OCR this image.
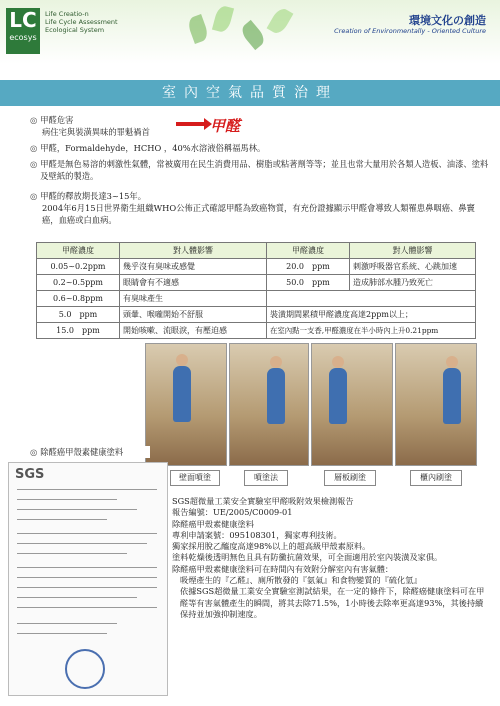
LC
ecosys
Life Creatio-n
Life Cycle Assessment
Ecological System
環境文化の創造
Creation of Environmentally - Oriented Culture
室內空氣品質治理
◎ 甲醛危害
病住宅與裝潢異味的罪魁禍首	甲醛
◎ 甲醛，Formaldehyde，HCHO ，40%水溶液俗稱福馬林。
◎ 甲醛是無色易溶的刺激性氣體，常被廣用在民生消費用品、樹脂或粘著劑等等；並且也常大量用於各類人造板、油漆、塗料及壁紙的製造。
◎ 甲醛的釋放期長達3~15年。
2004年6月15日世界衛生組織WHO公佈正式確認甲醛為致癌物質，有充份證據顯示甲醛會導致人類罹患鼻咽癌、鼻竇癌，血癌或白血病。
甲醛濃度	對人體影響	甲醛濃度	對人體影響
0.05~0.2ppm	幾乎沒有臭味或感覺	20.0　ppm	刺激呼吸器官系統、心跳加速
0.2~0.5ppm	眼睛會有不適感	50.0　ppm	造成肺部水腫乃致死亡
0.6~0.8ppm	有臭味產生		
5.0　ppm	頭暈、喉嚨開始不舒服	裝潢期間累積甲醛濃度高達2ppm以上；	
15.0　ppm	開始咳嗽、流眼淚，有壓迫感	在室內點一支香,甲醛濃度在半小時內上升0.21ppm	
◎ 除醛癌甲殼素健康塗料
壁面噴塗	噴塗法	層板刷塗	櫃內刷塗
SGS

SGS超微量工業安全實驗室甲醛吸附效果檢測報告

報告編號：UE/2005/C0009-01

除醛癌甲殼素健康塗料

專利申請案號：095108301，獨家專利技術。

獨家採用脫乙醯度高達98%以上的超高級甲殼素原料。

塗料乾燥後透明無色且具有防黴抗菌效果，可全面適用於室內裝潢及家俱。

除醛癌甲殼素健康塗料可在時間內有效附分解室內有害氣體：

吸煙產生的『乙醛』、廁所散發的『氨氣』和食物變質的『硫化氫』

依據SGS超微量工業安全實驗室測試結果，在一定的條件下，除醛癌健康塗料可在甲醛等有害氣體產生的瞬間，將其去除71.5%，1小時後去除率更高達93%，其後持續保持並加強抑制速度。
